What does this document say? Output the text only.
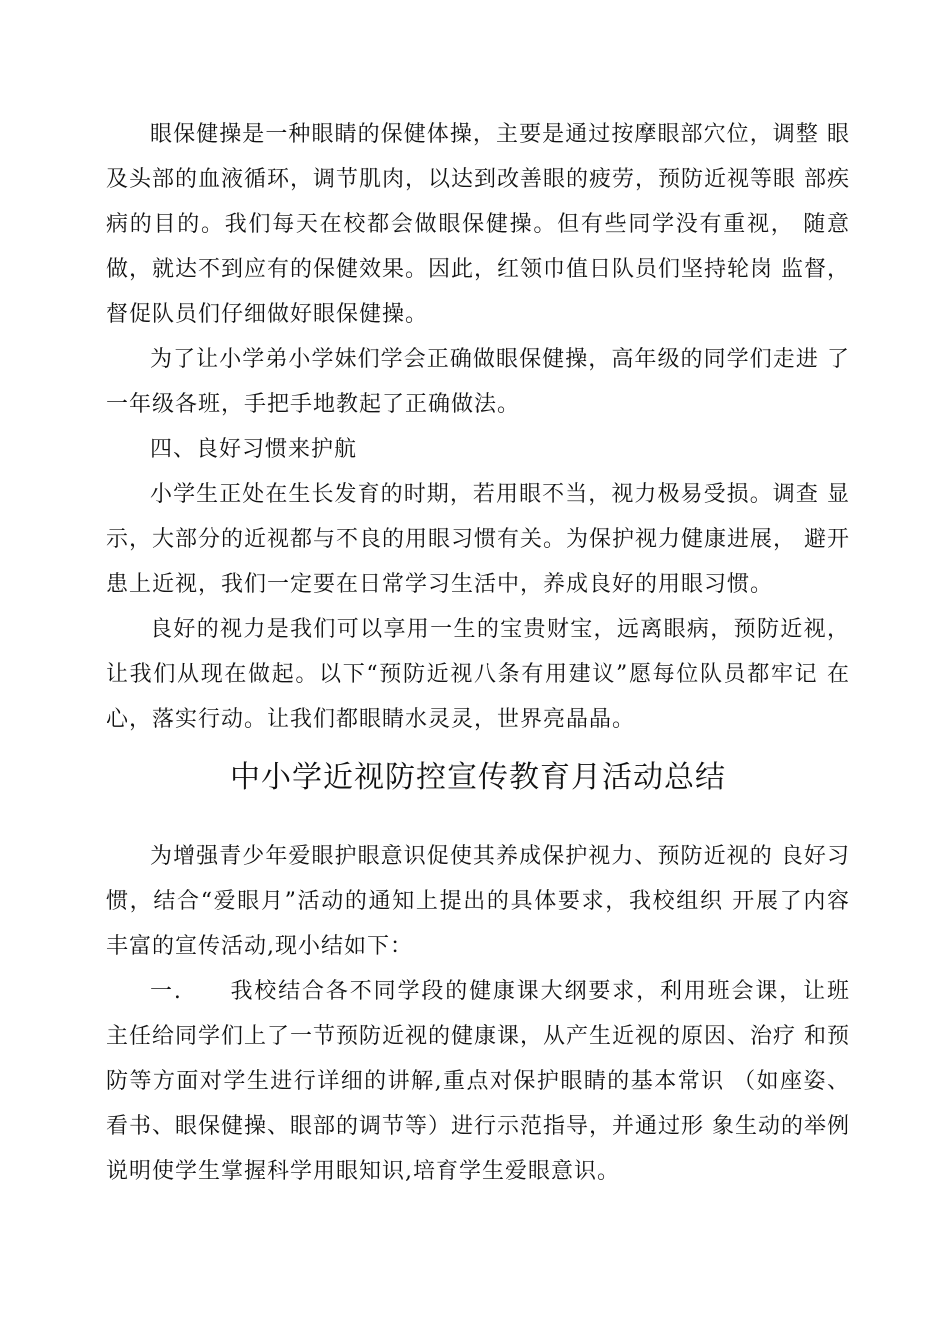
眼保健操是一种眼睛的保健体操，主要是通过按摩眼部穴位，调整 眼及头部的血液循环，调节肌肉，以达到改善眼的疲劳，预防近视等眼 部疾病的目的。我们每天在校都会做眼保健操。但有些同学没有重视， 随意做，就达不到应有的保健效果。因此，红领巾值日队员们坚持轮岗 监督，督促队员们仔细做好眼保健操。

为了让小学弟小学妹们学会正确做眼保健操，高年级的同学们走进 了一年级各班，手把手地教起了正确做法。

四、良好习惯来护航

小学生正处在生长发育的时期，若用眼不当，视力极易受损。调查 显示，大部分的近视都与不良的用眼习惯有关。为保护视力健康进展， 避开患上近视，我们一定要在日常学习生活中，养成良好的用眼习惯。

良好的视力是我们可以享用一生的宝贵财宝，远离眼病，预防近视，让我们从现在做起。以下“预防近视八条有用建议”愿每位队员都牢记 在心，落实行动。让我们都眼睛水灵灵，世界亮晶晶。

中小学近视防控宣传教育月活动总结

为增强青少年爱眼护眼意识促使其养成保护视力、预防近视的 良好习惯，结合“爱眼月”活动的通知上提出的具体要求，我校组织 开展了内容丰富的宣传活动,现小结如下：

一.　　我校结合各不同学段的健康课大纲要求，利用班会课，让班 主任给同学们上了一节预防近视的健康课，从产生近视的原因、治疗 和预防等方面对学生进行详细的讲解,重点对保护眼睛的基本常识 （如座姿、看书、眼保健操、眼部的调节等）进行示范指导，并通过形 象生动的举例说明使学生掌握科学用眼知识,培育学生爱眼意识。
